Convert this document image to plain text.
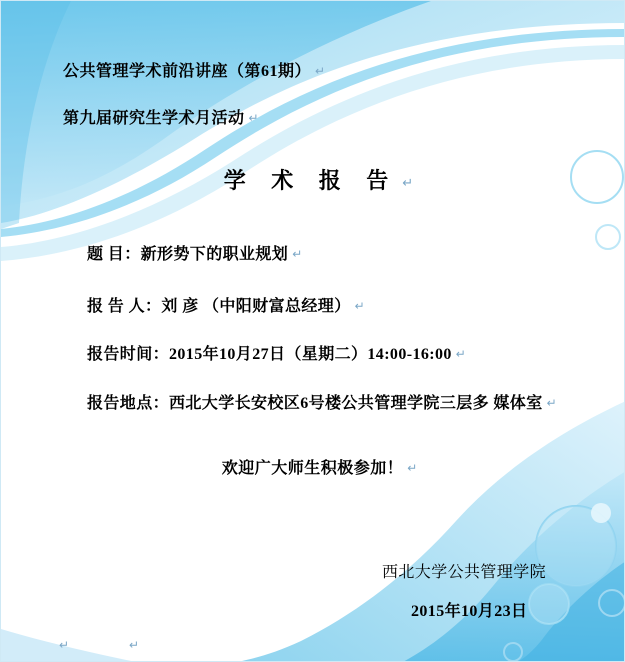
公共管理学术前沿讲座（第61期） ↵
第九届研究生学术月活动 ↵
学 术 报 告 ↵
题 目：新形势下的职业规划 ↵
报 告 人：刘 彦 （中阳财富总经理） ↵
报告时间：2015年10月27日（星期二）14:00-16:00 ↵
报告地点：西北大学长安校区6号楼公共管理学院三层多 媒体室 ↵
欢迎广大师生积极参加！ ↵
西北大学公共管理学院
2015年10月23日
↵	↵
